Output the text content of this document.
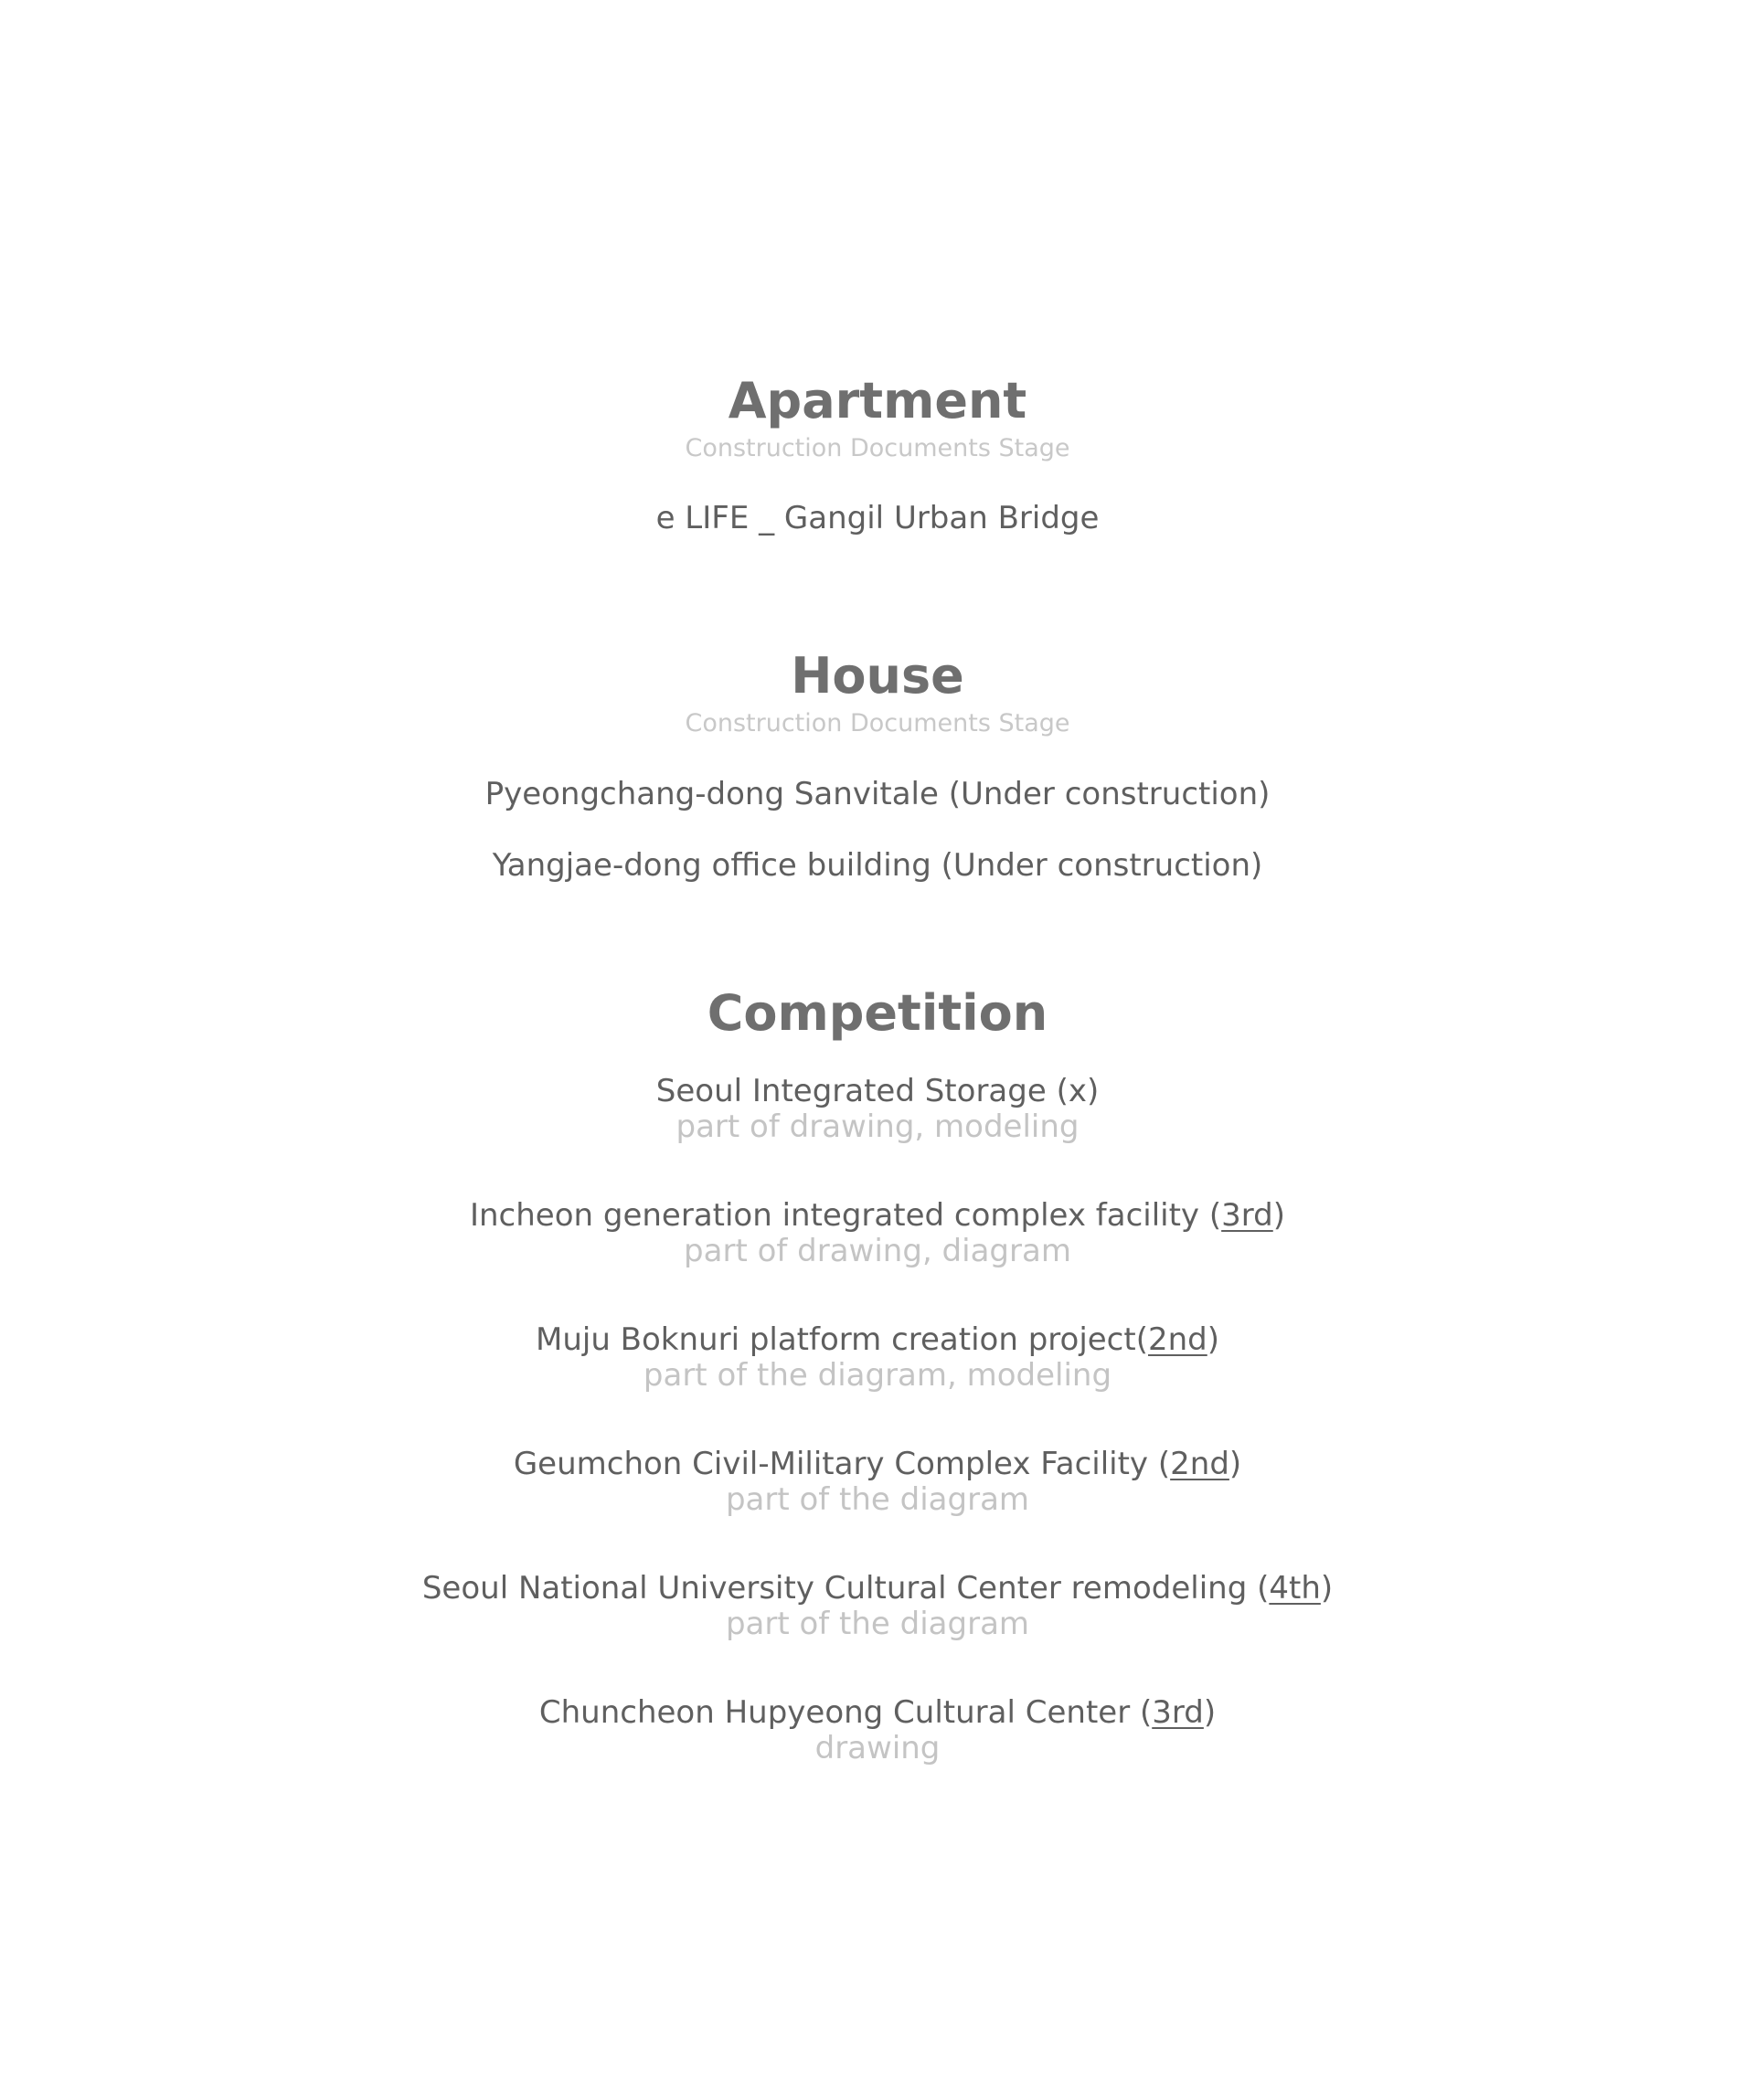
Apartment
Construction Documents Stage
e LIFE _ Gangil Urban Bridge
House
Construction Documents Stage
Pyeongchang-dong Sanvitale (Under construction)
Yangjae-dong office building (Under construction)
Competition
Seoul Integrated Storage (x)
part of drawing, modeling
Incheon generation integrated complex facility (3rd)
part of drawing, diagram
Muju Boknuri platform creation project(2nd)
part of the diagram, modeling
Geumchon Civil-Military Complex Facility (2nd)
part of the diagram
Seoul National University Cultural Center remodeling (4th)
part of the diagram
Chuncheon Hupyeong Cultural Center (3rd)
drawing
